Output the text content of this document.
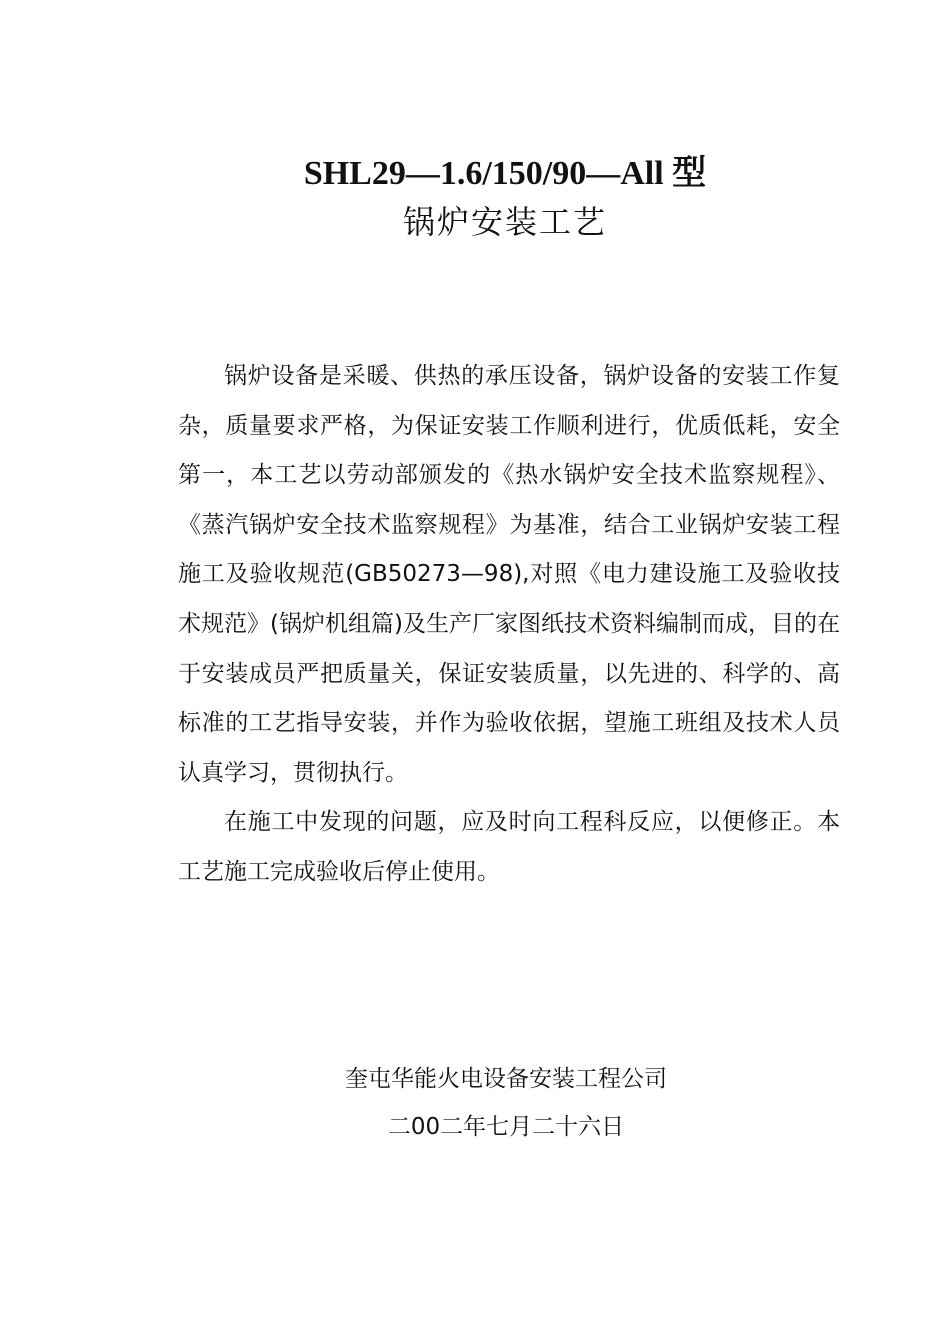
SHL29—1.6/150/90—All 型
锅炉安装工艺

锅炉设备是采暖、供热的承压设备，锅炉设备的安装工作复杂，质量要求严格，为保证安装工作顺利进行，优质低耗，安全第一，本工艺以劳动部颁发的《热水锅炉安全技术监察规程》、《蒸汽锅炉安全技术监察规程》为基准，结合工业锅炉安装工程施工及验收规范(GB50273—98),对照《电力建设施工及验收技术规范》(锅炉机组篇)及生产厂家图纸技术资料编制而成，目的在于安装成员严把质量关，保证安装质量，以先进的、科学的、高标准的工艺指导安装，并作为验收依据，望施工班组及技术人员认真学习，贯彻执行。

在施工中发现的问题，应及时向工程科反应，以便修正。本工艺施工完成验收后停止使用。

奎屯华能火电设备安装工程公司
二00二年七月二十六日
